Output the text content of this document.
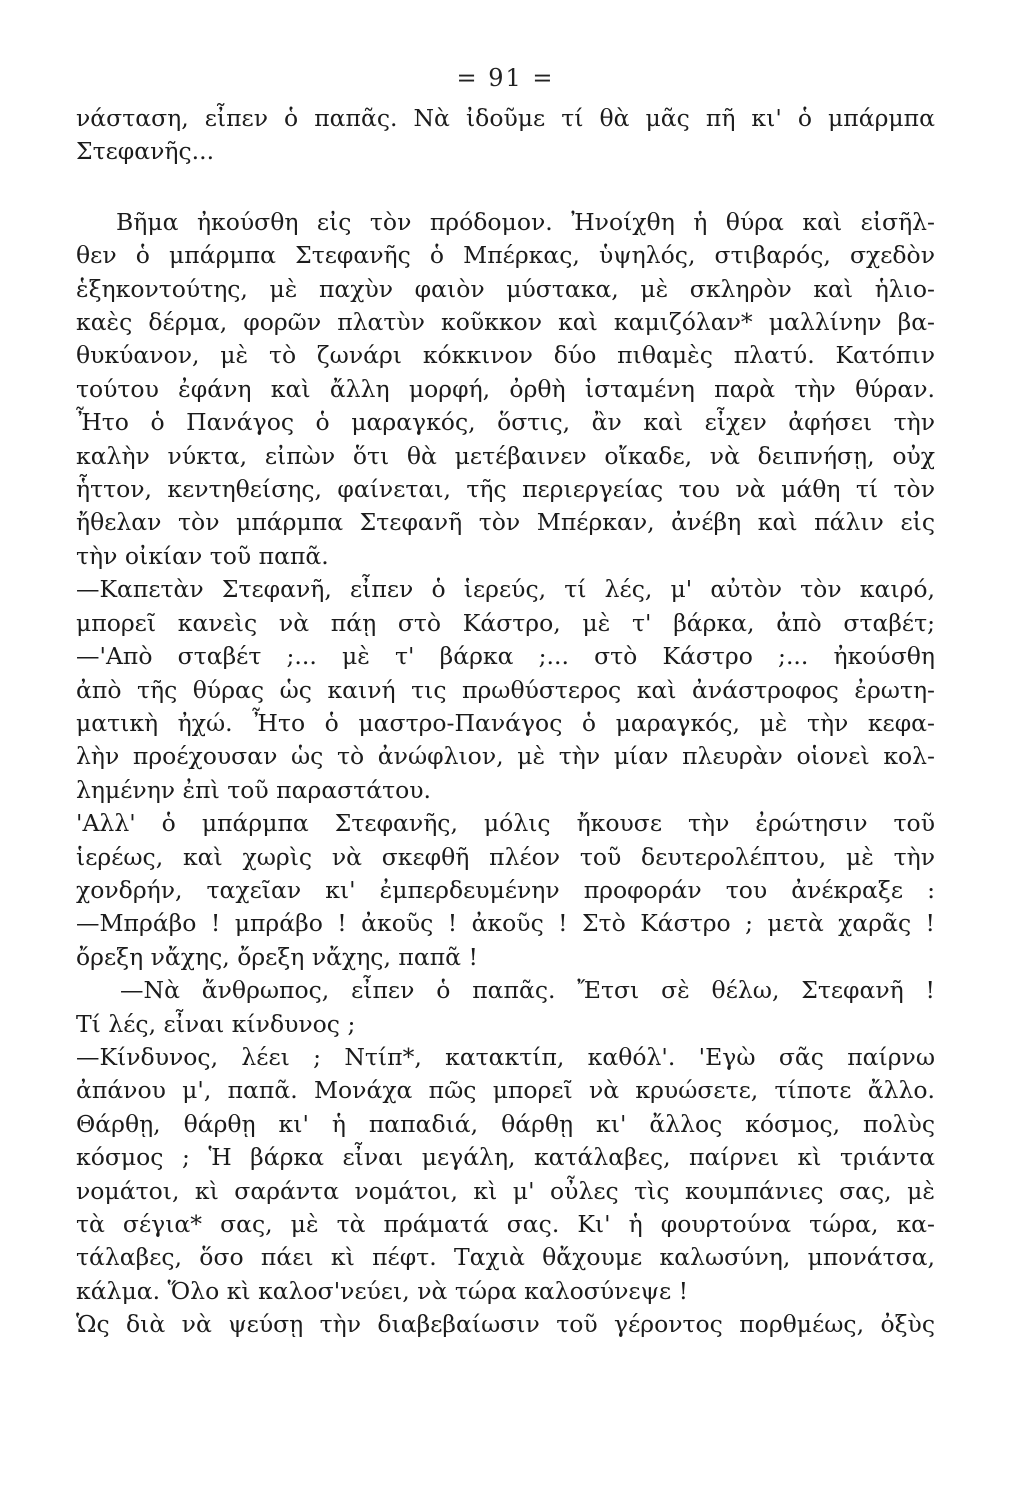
= 91 =
νάσταση, εἶπεν ὁ παπᾶς. Νὰ ἰδοῦμε τί θὰ μᾶς πῆ κι' ὁ μπάρμπα
Στεφανῆς...
Βῆμα ἠκούσθη εἰς τὸν πρόδομον. Ἠνοίχθη ἡ θύρα καὶ εἰσῆλ-
θεν ὁ μπάρμπα Στεφανῆς ὁ Μπέρκας, ὑψηλός, στιβαρός, σχεδὸν
ἑξηκοντούτης, μὲ παχὺν φαιὸν μύστακα, μὲ σκληρὸν καὶ ἡλιο-
καὲς δέρμα, φορῶν πλατὺν κοῦκκον καὶ καμιζόλαν* μαλλίνην βα-
θυκύανον, μὲ τὸ ζωνάρι κόκκινον δύο πιθαμὲς πλατύ. Κατόπιν
τούτου ἐφάνη καὶ ἄλλη μορφή, ὀρθὴ ἱσταμένη παρὰ τὴν θύραν.
Ἦτο ὁ Πανάγος ὁ μαραγκός, ὅστις, ἂν καὶ εἶχεν ἀφήσει τὴν
καλὴν νύκτα, εἰπὼν ὅτι θὰ μετέβαινεν οἴκαδε, νὰ δειπνήσῃ, οὐχ
ἧττον, κεντηθείσης, φαίνεται, τῆς περιεργείας του νὰ μάθη τί τὸν
ἤθελαν τὸν μπάρμπα Στεφανῆ τὸν Μπέρκαν, ἀνέβη καὶ πάλιν εἰς
τὴν οἰκίαν τοῦ παπᾶ.
—Καπετὰν Στεφανῆ, εἶπεν ὁ ἱερεύς, τί λές, μ' αὐτὸν τὸν καιρό,
μπορεῖ κανεὶς νὰ πάῃ στὸ Κάστρο, μὲ τ' βάρκα, ἀπὸ σταβέτ;
—'Απὸ σταβέτ ;... μὲ τ' βάρκα ;... στὸ Κάστρο ;... ἠκούσθη
ἀπὸ τῆς θύρας ὡς καινή τις πρωθύστερος καὶ ἀνάστροφος ἐρωτη-
ματικὴ ἠχώ. Ἦτο ὁ μαστρο-Πανάγος ὁ μαραγκός, μὲ τὴν κεφα-
λὴν προέχουσαν ὡς τὸ ἀνώφλιον, μὲ τὴν μίαν πλευρὰν οἱονεὶ κολ-
λημένην ἐπὶ τοῦ παραστάτου.
'Αλλ' ὁ μπάρμπα Στεφανῆς, μόλις ἤκουσε τὴν ἐρώτησιν τοῦ
ἱερέως, καὶ χωρὶς νὰ σκεφθῆ πλέον τοῦ δευτερολέπτου, μὲ τὴν
χονδρήν, ταχεῖαν κι' ἐμπερδευμένην προφοράν του ἀνέκραξε :
—Μπράβο ! μπράβο ! ἀκοῦς ! ἀκοῦς ! Στὸ Κάστρο ; μετὰ χαρᾶς !
ὄρεξη νἄχης, ὄρεξη νἄχης, παπᾶ !
—Νὰ ἄνθρωπος, εἶπεν ὁ παπᾶς. Ἔτσι σὲ θέλω, Στεφανῆ !
Τί λές, εἶναι κίνδυνος ;
—Κίνδυνος, λέει ; Ντίπ*, κατακτίπ, καθόλ'. 'Εγὼ σᾶς παίρνω
ἀπάνου μ', παπᾶ. Μονάχα πῶς μπορεῖ νὰ κρυώσετε, τίποτε ἄλλο.
Θάρθῃ, θάρθῃ κι' ἡ παπαδιά, θάρθῃ κι' ἄλλος κόσμος, πολὺς
κόσμος ; Ἡ βάρκα εἶναι μεγάλη, κατάλαβες, παίρνει κὶ τριάντα
νομάτοι, κὶ σαράντα νομάτοι, κὶ μ' οὖλες τὶς κουμπάνιες σας, μὲ
τὰ σέγια* σας, μὲ τὰ πράματά σας. Κι' ἡ φουρτούνα τώρα, κα-
τάλαβες, ὅσο πάει κὶ πέφτ. Ταχιὰ θἄχουμε καλωσύνη, μπονάτσα,
κάλμα. Ὅλο κὶ καλοσ'νεύει, νὰ τώρα καλοσύνεψε !
Ὡς διὰ νὰ ψεύσῃ τὴν διαβεβαίωσιν τοῦ γέροντος πορθμέως, ὀξὺς
